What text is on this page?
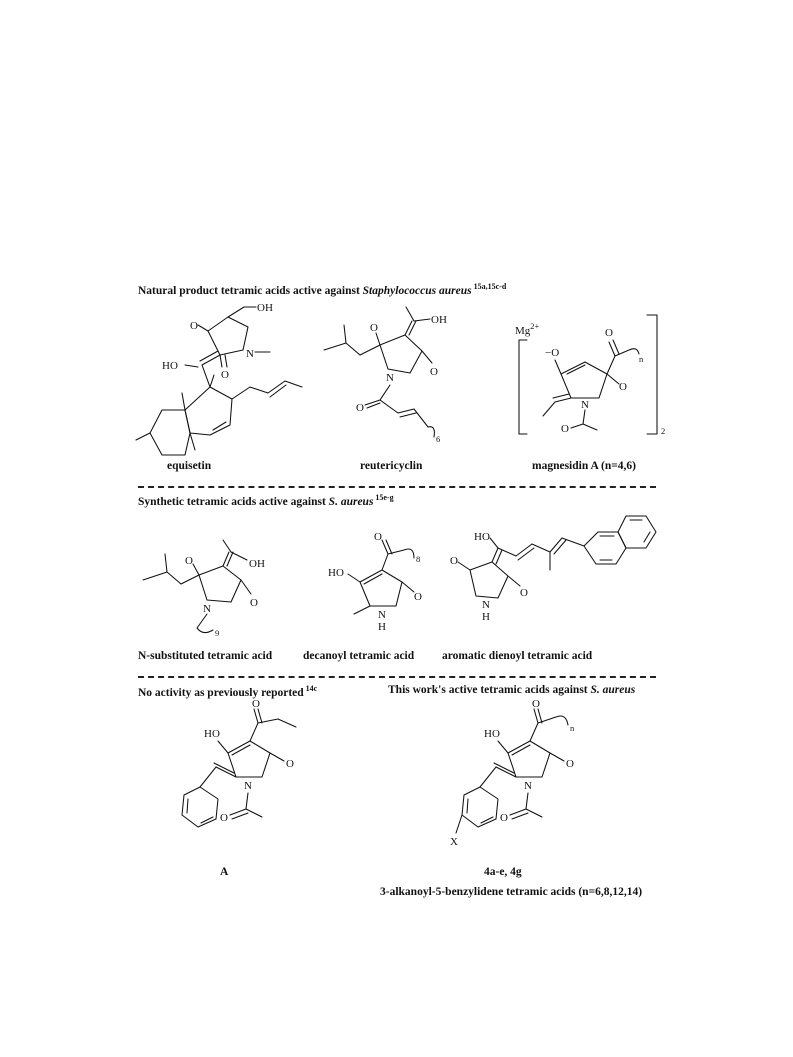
Natural product tetramic acids active against Staphylococcus aureus $^{15a,15c-d}$
O
O
N
OH
HO
equisetin
O
O
N
OH
O
6
reutericyclin
$Mg^{2+}$
2
−O
O
n
O
N
O
magnesidin A (n=4,6)
Synthetic tetramic acids active against S. aureus $^{15e-g}$
O
O
N
OH
9
N-substituted tetramic acid
HO
O
8
O
N
H
decanoyl tetramic acid
O
O
N
H
HO
aromatic dienoyl tetramic acid
No activity as previously reported $^{14c}$	This work's active tetramic acids against S. aureus
HO
O
O
N
O
A
HO
O
n
O
N
X
O
4a-e, 4g
3-alkanoyl-5-benzylidene tetramic acids (n=6,8,12,14)
